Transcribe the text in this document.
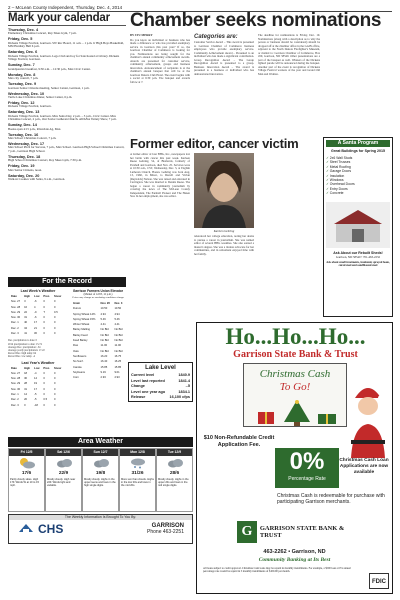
2 – McLean County Independent, Thursday, Dec. 4, 2014
Mark your calendar
Thursday, Dec. 4
Elementary Christmas Concert, Roy Sikes Gym, 7 p.m.
Friday, Dec. 5
Dickens Village Festival, Garrison. SW Rec Board, 11 a.m. – 1 p.m. Jr High Boys Basketball, MSI Hardisty Hall 6 p.m.
Saturday, Dec. 6
Dickens Village Festival, Garrison. Lego Club and toy for Sale hosted at Library. Dickens Village Festival, Garrison.
Sunday, Dec. 7
Grandparents breakfast, 9:30 a.m. – 12:30 p.m., Max Civic Center.
Monday, Dec. 8
Max city council, 7 p.m.
Tuesday, Dec. 9
Garrison Senior Citizens meeting, Senior Center, Garrison, 1 p.m.
Wednesday, Dec. 10
Turtle Lake Christmas dinner, Senior Center, 6 p.m.
Friday, Dec. 12
Dickens Village Festival, Garrison.
Saturday, Dec. 13
Dickens Village Festival, Garrison. Max Santa Day, 2 p.m. – 3 p.m., Civic Center. Max Christmas Concert, 2 p.m., Our Savior Lutheran Church. AWANA Variety Show, 7 p.m.
Sunday, Dec. 14
Books open 4:15 p.m., Riverdale Ag, Max.
Tuesday, Dec. 16
Max School Christmas Concert, 7 p.m.
Wednesday, Dec. 17
Max School Pitch for Success, 7 p.m., Max School. Garrison High School Christmas Concert, 7 p.m., Garrison High School.
Thursday, Dec. 18
High School Christmas Concert, Roy Sikes Gym, 7:30 p.m.
Friday, Dec. 19
Max Senior Citizens, noon.
Saturday, Dec. 20
Walk-in Cookies with Santa, 9 a.m., Garrison.
For the Record
Last Week's Weather
Date	High	Low	Prec.	Snow
Nov. 27	3	-6	0	0
Nov. 28	16	4	0	0
Nov. 29	22	-9	T	0.5
Nov. 30	31	-6	0	0
Dec. 1	40	17	0	0
Dec. 2	34	21	0	0
Dec. 3	41	30	0	0
Dec. precipitation to date: 0
2014 precipitation to date: 15.74
Average Dec. precipitation: .54
Average yearly precipitation: 17.22
Record Dec. high temp: 64
Record Dec. low temp: -4
Last Year's Weather
Date	High	Low	Prec.	Snow
Nov. 27	18	-4	0	0
Nov. 28	30	14	0	0
Nov. 29	28	19	0	0
Nov. 30	31	17	0	0
Dec. 1	14	-5	0	0
Dec. 2	20	-5	0.5	0
Dec. 3	0	-18	0	0
Garrison Farmers Union Elevator
(Market of 12/03, 12 p.m.)
Prices may change as marketing conditions change
Grain	Nov. 26	Dec. 3
Durum	10.50	10.50
Spring Wheat 14%	4.94	4.94
Spring Wheat 15%	5.46	5.46
Winter Wheat	4.41	4.41
Barley Malting	No Bid	No Bid
Barley Feed	No Bid	No Bid
Feed Barley	No Bid	No Bid
Flax	11.00	11.00
Oats	No Bid	No Bid
Sunflowers	16.20	16.75
No Sunf.	16.40	16.25
Canola	15.85	15.85
Soybeans	9.19	9.01
Corn	2.93	2.93
Lake Level
Current level	1840.9
Level last reported	1841.4
Change	-.5
Level one year ago	1834.1
Release	16,100 cfps
Area Weather
Fri 12/5
17/6
Partly cloudy skies. High 17F. Winds W at 10 to 15 mph.
Sat 12/6
22/9
Mostly cloudy. High near 22F. Winds light and variable.
Sun 12/7
19/8
Mostly cloudy. Highs in the upper teens and lows in the high single digits.
Mon 12/8
31/26
More sun than clouds. Highs in the low 30s and lows in the mid 20s.
Tue 12/9
28/6
Mostly cloudy. Highs in the upper 20s and lows in the mid single digits.
The Weekly Information Is Brought To You By:
CHS	GARRISON
Phone 463-2251
Chamber seeks nominations
BY STU MERRY
Do you know an individual or business who has made a difference or who has provided exemplary service in Garrison this past year? If so, the Garrison Chamber of Commerce is looking for you. Nominations are being sought for the chamber's annual community achievement awards. Awards are presented for customer service, community achievement, groups and business innovation. Announcement of recipients is at the chamber's annual banquet that will be at the Garrison Dakota Club Hotel. The event begins with a social at 6:30 p.m. The banquet and awards follow at 7.
Categories are:
Customer Service Award – This award is presented to Garrison Chamber of Commerce business employees who provide exemplary service. Community Achievement Award – Presented to an individual who has made a significant contribution. Group Recognition Award – The Group Recognition Award is presented to a group. Business Innovation Award – The award is presented to a business or individual who has demonstrated innovation.
The deadline for nominations is Friday, Dec. 19. Nominations (along with a description as to why the person or business should be considered) should be dropped off at the chamber office in the GAIN office, adjacent to the North Dakota Firefighter's Museum, or mailed to: Garrison Chamber of Commerce, Box 459, Garrison, ND 58540. Other presentations are a part of the banquet as well. Winners of the Dickens lighted parade will be announced during the banquet. Another part of the event is recognition of Dickens Village Festival workers of the year and Grand Old Man and Woman.
Former editor, cancer victim
A former editor of four BHG, Inc., newspapers lost her battle with cancer this past week. Karleen Reese Gehring, 54, of Bismarck, formerly of Parshall and Garrison, died Nov. 25. Services were at 10:30 a.m., CST, Wednesday, Dec. 3, at English Lutheran Church, Hazen. Gehring was born Aug. 13, 1960, in Minot, to Darrell and Vivian (Reynolds) Nelson. She was raised and educated in Carrington. She was married to Dennis Reese. The began a career in community journalism by covering the news of The McLean County Independent, The Parshall Pioneer and The Hazen Star. In her employment, she was editor.
Karleen Gehring
referenced her college education, noting her desire to pursue a career in journalism. She was named editor of several BHG weeklies. She also earned a master's degree. She was a tireless advocate for her communities, and in retirement enjoyed time with her family.
A Santa Program
Great Buildings for Spring 2015
✓ 2x6 Wall Studs
✓ Steel Trusses
✓ Metal Roofing
✓ Garage Doors
✓ Insulation
✓ Windows
✓ Overhead Doors
✓ Entry Doors
✓ Concrete
Ask About our Rebuilt Sheds!
Garrison, ND 58540 • 701-463-2232
Ask about small treatments, insulated, sprayed foam, cured steel and sandblasted steel
Ho...Ho...Ho...
Garrison State Bank & Trust
Christmas Cash
To Go!
$10 Non-Refundable Credit Application Fee.
Christmas Cash Loan Applications are now available
0%
Percentage Rate
Christmas Cash is redeemable for purchase with participating Garrison merchants.
G	GARRISON STATE BANK & TRUST
463-2262 • Garrison, ND
Community Banking at Its Best
All loans subject to credit approval. Christmas Cash loans may be repaid in monthly installments. For example, a $500 loan at 0% annual percentage rate would be repaid in 5 monthly installments of $100.00 per month.
FDIC
